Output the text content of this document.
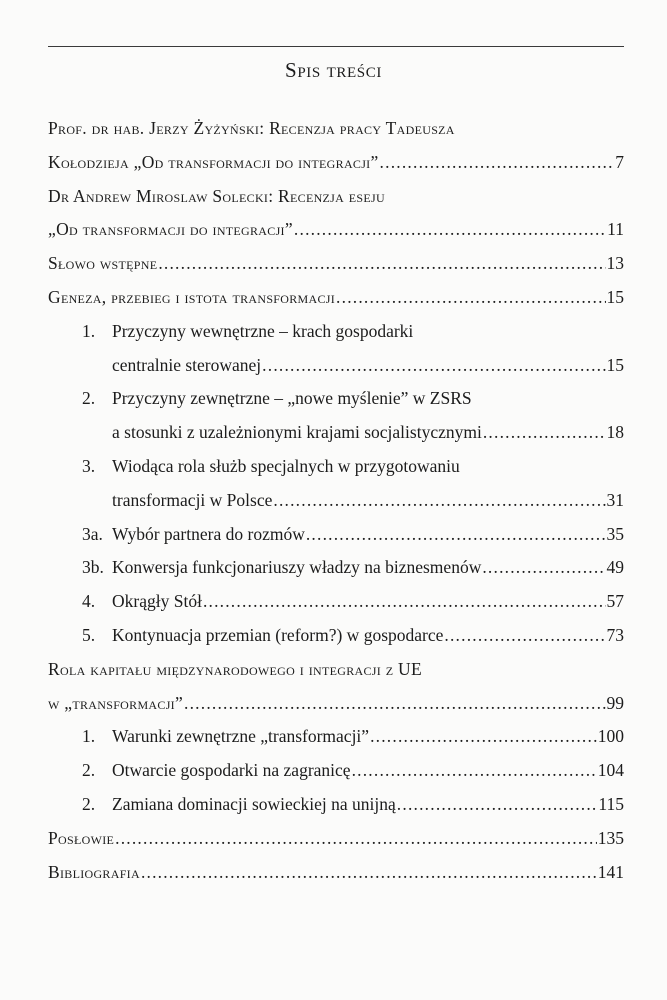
Spis treści
Prof. dr hab. Jerzy Żyżyński: Recenzja pracy Tadeusza
Kołodzieja „Od transformacji do integracji” .....	7
Dr Andrew Miroslaw Solecki: Recenzja eseju
„Od transformacji do integracji” .....	11
Słowo wstępne .....	13
Geneza, przebieg i istota transformacji .....	15
1. Przyczyny wewnętrzne – krach gospodarki
centralnie sterowanej .....	15
2. Przyczyny zewnętrzne – „nowe myślenie” w ZSRS
a stosunki z uzależnionymi krajami socjalistycznymi .....	18
3. Wiodąca rola służb specjalnych w przygotowaniu
transformacji w Polsce .....	31
3a. Wybór partnera do rozmów .....	35
3b. Konwersja funkcjonariuszy władzy na biznesmenów .....	49
4. Okrągły Stół .....	57
5. Kontynuacja przemian (reform?) w gospodarce .....	73
Rola kapitału międzynarodowego i integracji z UE
w „transformacji” .....	99
1. Warunki zewnętrzne „transformacji” .....	100
2. Otwarcie gospodarki na zagranicę .....	104
2. Zamiana dominacji sowieckiej na unijną .....	115
Posłowie .....	135
Bibliografia .....	141
